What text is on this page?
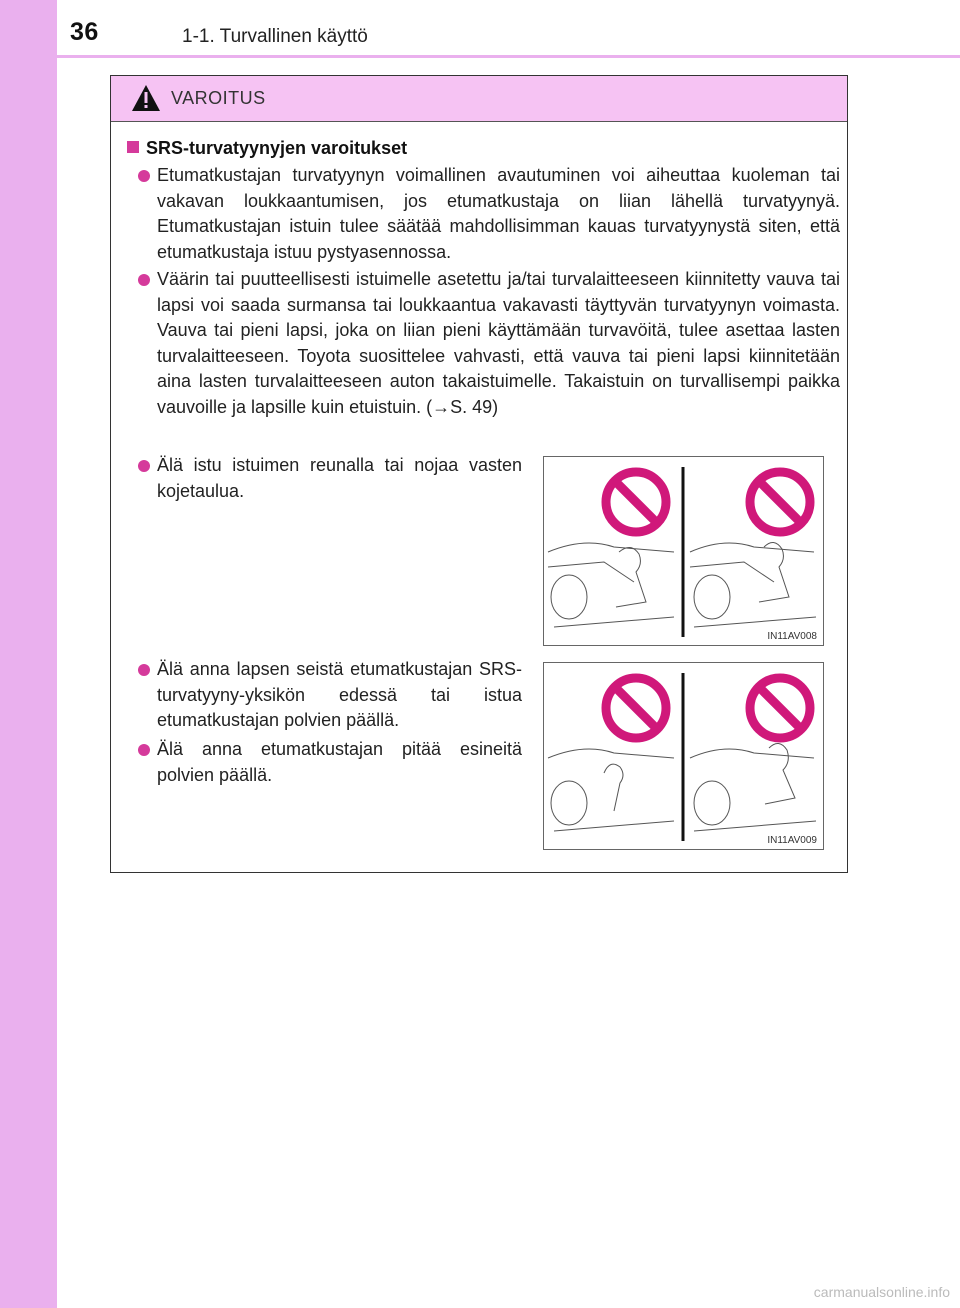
36	1-1. Turvallinen käyttö
VAROITUS
SRS-turvatyynyjen varoitukset
Etumatkustajan turvatyynyn voimallinen avautuminen voi aiheuttaa kuoleman tai vakavan loukkaantumisen, jos etumatkustaja on liian lähellä turvatyynyä. Etumatkustajan istuin tulee säätää mahdollisimman kauas turvatyynystä siten, että etumatkustaja istuu pystyasennossa.
Väärin tai puutteellisesti istuimelle asetettu ja/tai turvalaitteeseen kiinnitetty vauva tai lapsi voi saada surmansa tai loukkaantua vakavasti täyttyvän turvatyynyn voimasta. Vauva tai pieni lapsi, joka on liian pieni käyttämään turvavöitä, tulee asettaa lasten turvalaitteeseen. Toyota suosittelee vahvasti, että vauva tai pieni lapsi kiinnitetään aina lasten turvalaitteeseen auton takaistuimelle. Takaistuin on turvallisempi paikka vauvoille ja lapsille kuin etuistuin. (→S. 49)
Älä istu istuimen reunalla tai nojaa vasten kojetaulua.
Älä anna lapsen seistä etumatkustajan SRS-turvatyyny-yksikön edessä tai istua etumatkustajan polvien päällä.
Älä anna etumatkustajan pitää esineitä polvien päällä.
IN11AV008
IN11AV009
carmanualsonline.info
